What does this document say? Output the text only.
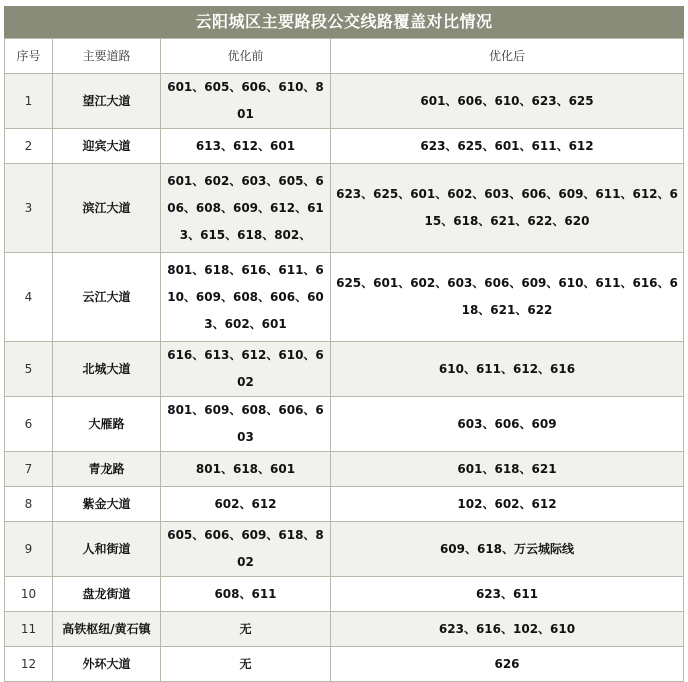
云阳城区主要路段公交线路覆盖对比情况
序号	主要道路	优化前	优化后
1	望江大道	601、605、606、610、801	601、606、610、623、625
2	迎宾大道	613、612、601	623、625、601、611、612
3	滨江大道	601、602、603、605、606、608、609、612、613、615、618、802、	623、625、601、602、603、606、609、611、612、615、618、621、622、620
4	云江大道	801、618、616、611、610、609、608、606、603、602、601	625、601、602、603、606、609、610、611、616、618、621、622
5	北城大道	616、613、612、610、602	610、611、612、616
6	大雁路	801、609、608、606、603	603、606、609
7	青龙路	801、618、601	601、618、621
8	紫金大道	602、612	102、602、612
9	人和街道	605、606、609、618、802	609、618、万云城际线
10	盘龙街道	608、611	623、611
11	高铁枢纽/黄石镇	无	623、616、102、610
12	外环大道	无	626
